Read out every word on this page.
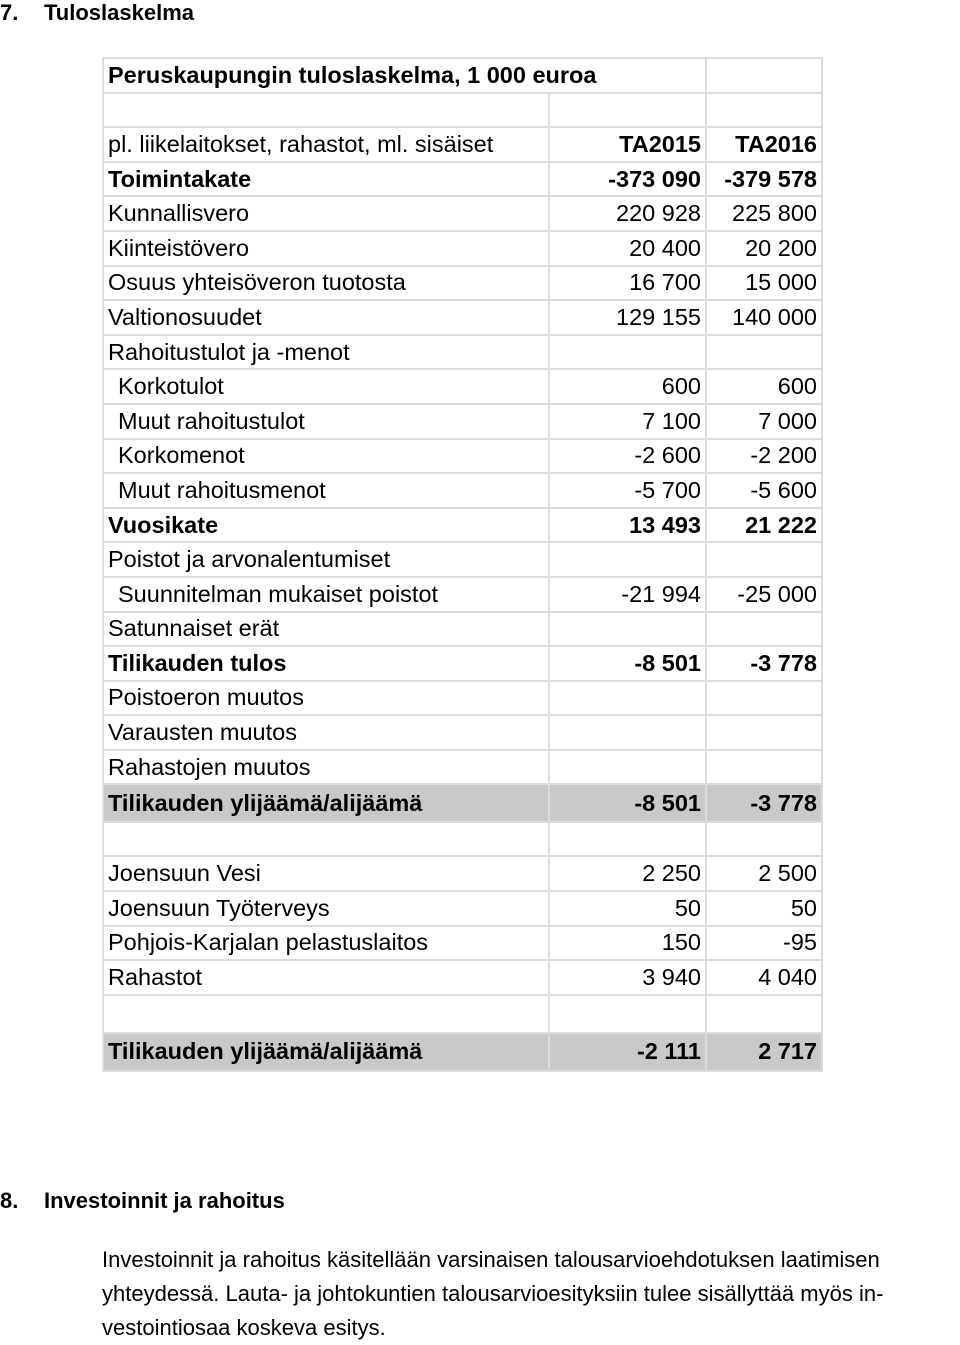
7. Tuloslaskelma
Peruskaupungin tuloslaskelma, 1 000 euroa		

pl. liikelaitokset, rahastot, ml. sisäiset	TA2015	TA2016
Toimintakate	-373 090	-379 578
Kunnallisvero	220 928	225 800
Kiinteistövero	20 400	20 200
Osuus yhteisöveron tuotosta	16 700	15 000
Valtionosuudet	129 155	140 000
Rahoitustulot ja -menot		
Korkotulot	600	600
Muut rahoitustulot	7 100	7 000
Korkomenot	-2 600	-2 200
Muut rahoitusmenot	-5 700	-5 600
Vuosikate	13 493	21 222
Poistot ja arvonalentumiset		
Suunnitelman mukaiset poistot	-21 994	-25 000
Satunnaiset erät		
Tilikauden tulos	-8 501	-3 778
Poistoeron muutos		
Varausten muutos		
Rahastojen muutos		
Tilikauden ylijäämä/alijäämä	-8 501	-3 778

Joensuun Vesi	2 250	2 500
Joensuun Työterveys	50	50
Pohjois-Karjalan pelastuslaitos	150	-95
Rahastot	3 940	4 040

Tilikauden ylijäämä/alijäämä	-2 111	2 717
8. Investoinnit ja rahoitus
Investoinnit ja rahoitus käsitellään varsinaisen talousarvioehdotuksen laatimisen
yhteydessä. Lauta- ja johtokuntien talousarvioesityksiin tulee sisällyttää myös in-
vestointiosaa koskeva esitys.
